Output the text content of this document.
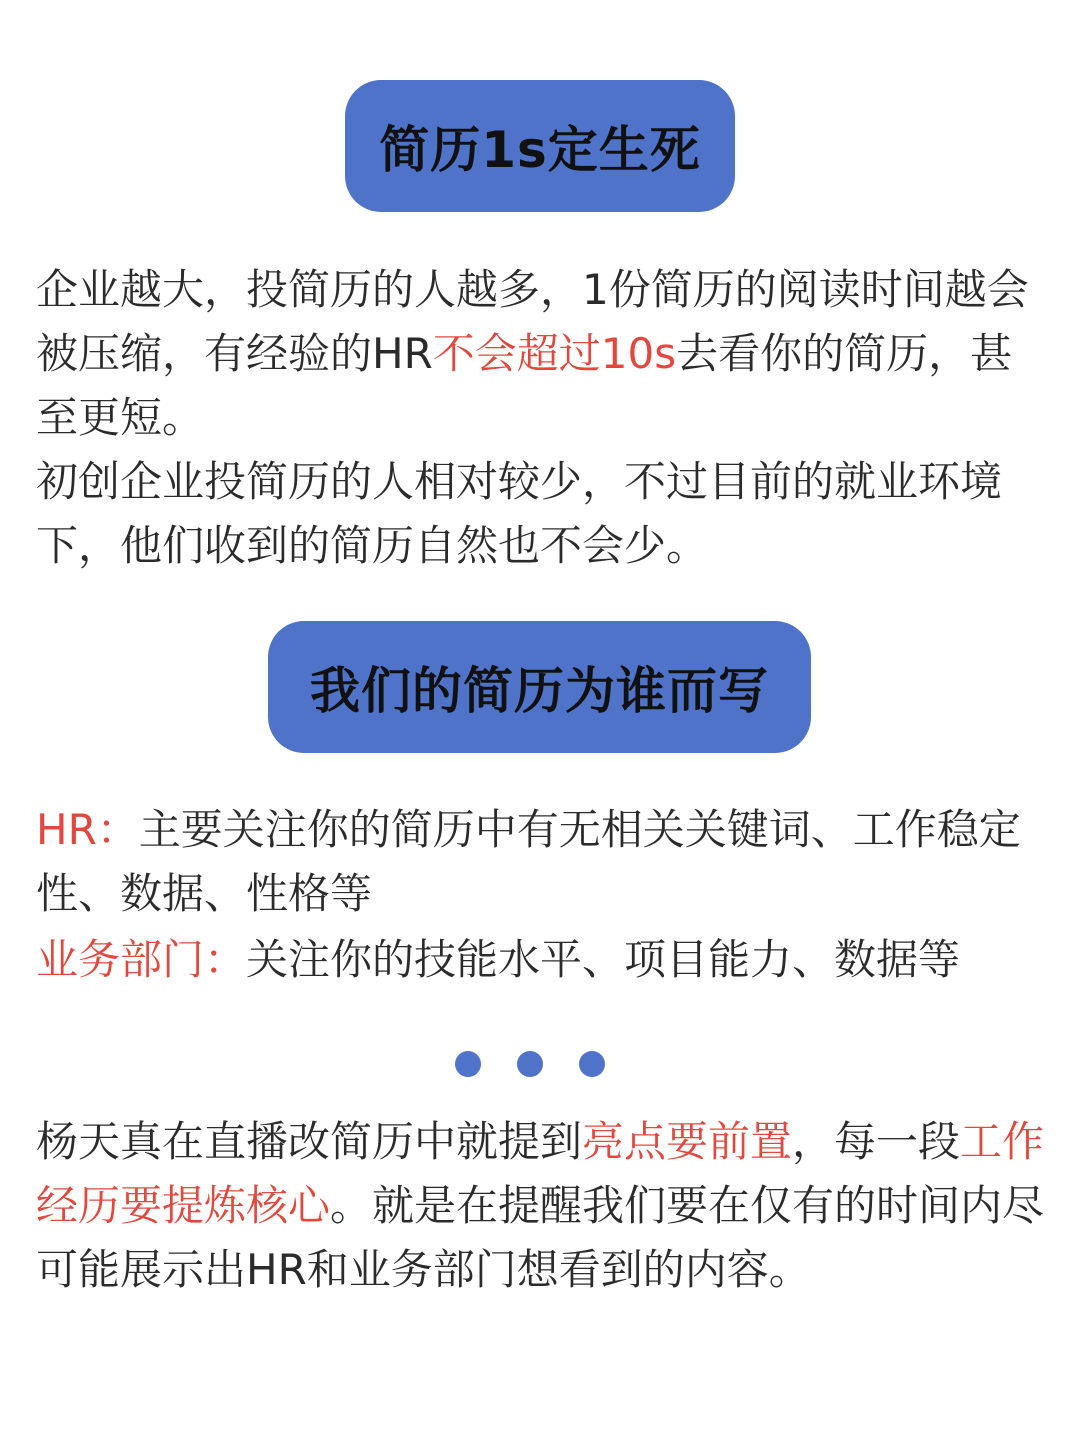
简历1s定生死

企业越大，投简历的人越多，1份简历的阅读时间越会被压缩，有经验的HR不会超过10s去看你的简历，甚至更短。

初创企业投简历的人相对较少，不过目前的就业环境下，他们收到的简历自然也不会少。

我们的简历为谁而写

HR：主要关注你的简历中有无相关关键词、工作稳定性、数据、性格等

业务部门：关注你的技能水平、项目能力、数据等

杨天真在直播改简历中就提到亮点要前置，每一段工作经历要提炼核心。就是在提醒我们要在仅有的时间内尽可能展示出HR和业务部门想看到的内容。
